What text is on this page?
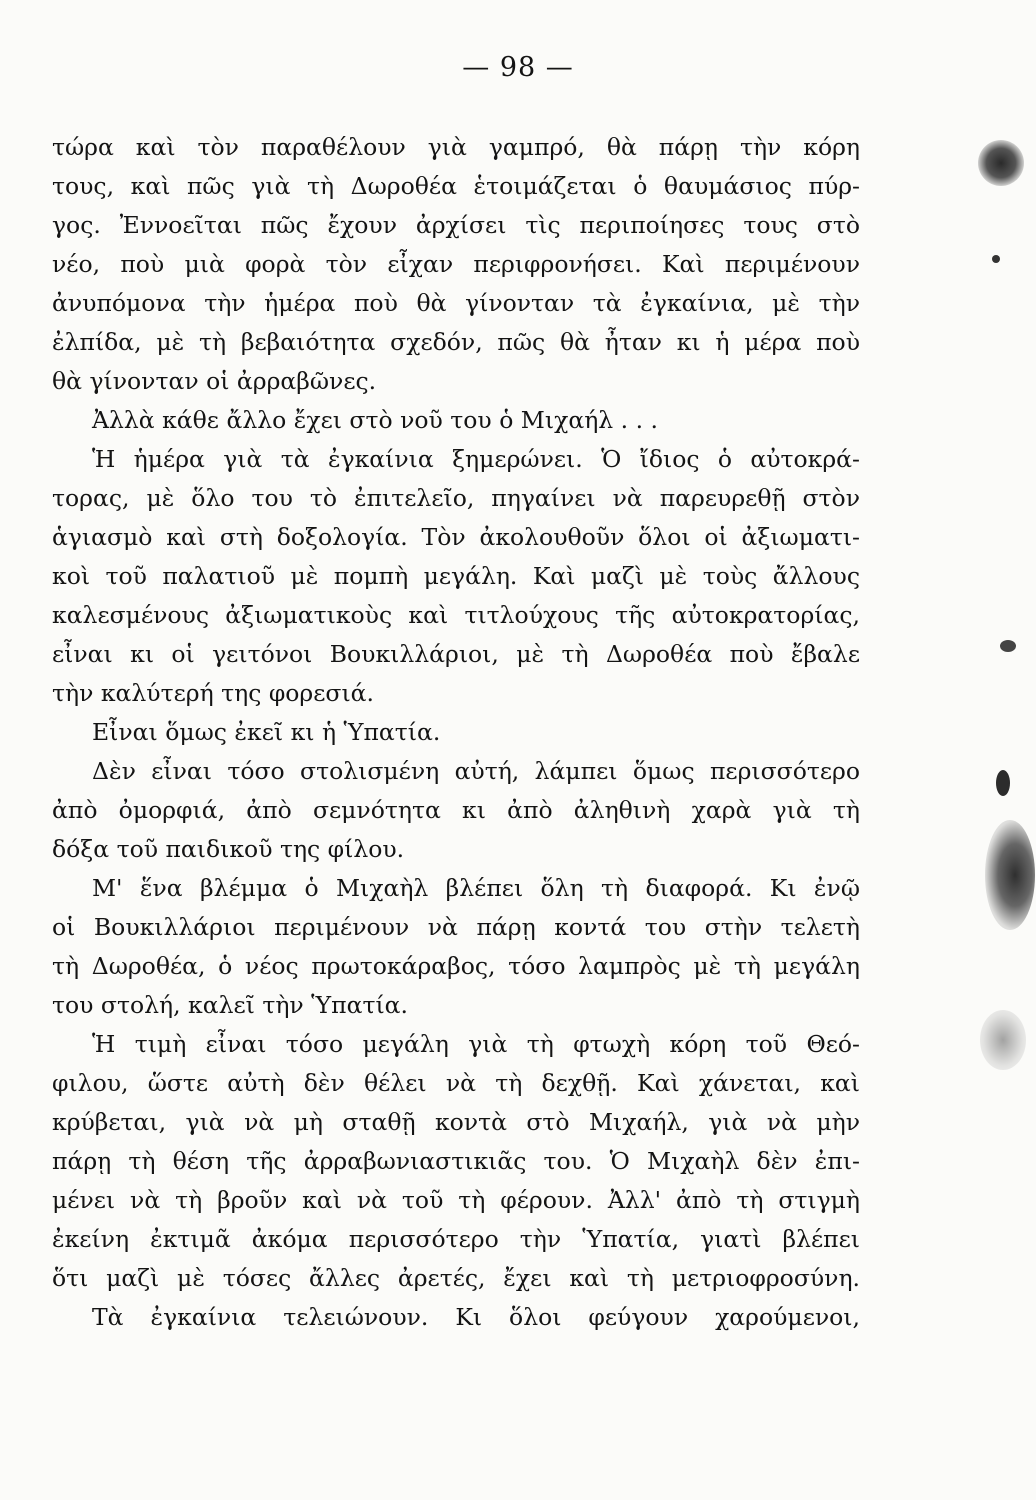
— 98 —
τώρα καὶ τὸν παραθέλουν γιὰ γαμπρό, θὰ πάρῃ τὴν κόρη
τους, καὶ πῶς γιὰ τὴ Δωροθέα ἑτοιμάζεται ὁ θαυμάσιος πύρ-
γος. Ἐννοεῖται πῶς ἔχουν ἀρχίσει τὶς περιποίησες τους στὸ
νέο, ποὺ μιὰ φορὰ τὸν εἶχαν περιφρονήσει. Καὶ περιμένουν
ἀνυπόμονα τὴν ἡμέρα ποὺ θὰ γίνονταν τὰ ἐγκαίνια, μὲ τὴν
ἐλπίδα, μὲ τὴ βεβαιότητα σχεδόν, πῶς θὰ ἦταν κι ἡ μέρα ποὺ
θὰ γίνονταν οἱ ἀρραβῶνες.
Ἀλλὰ κάθε ἄλλο ἔχει στὸ νοῦ του ὁ Μιχαήλ . . .
Ἡ ἡμέρα γιὰ τὰ ἐγκαίνια ξημερώνει. Ὁ ἴδιος ὁ αὐτοκρά-
τορας, μὲ ὅλο του τὸ ἐπιτελεῖο, πηγαίνει νὰ παρευρεθῇ στὸν
ἁγιασμὸ καὶ στὴ δοξολογία. Τὸν ἀκολουθοῦν ὅλοι οἱ ἀξιωματι-
κοὶ τοῦ παλατιοῦ μὲ πομπὴ μεγάλη. Καὶ μαζὶ μὲ τοὺς ἄλλους
καλεσμένους ἀξιωματικοὺς καὶ τιτλούχους τῆς αὐτοκρατορίας,
εἶναι κι οἱ γειτόνοι Βουκιλλάριοι, μὲ τὴ Δωροθέα ποὺ ἔβαλε
τὴν καλύτερή της φορεσιά.
Εἶναι ὅμως ἐκεῖ κι ἡ Ὑπατία.
Δὲν εἶναι τόσο στολισμένη αὐτή, λάμπει ὅμως περισσότερο
ἀπὸ ὀμορφιά, ἀπὸ σεμνότητα κι ἀπὸ ἀληθινὴ χαρὰ γιὰ τὴ
δόξα τοῦ παιδικοῦ της φίλου.
Μ' ἕνα βλέμμα ὁ Μιχαὴλ βλέπει ὅλη τὴ διαφορά. Κι ἐνῷ
οἱ Βουκιλλάριοι περιμένουν νὰ πάρῃ κοντά του στὴν τελετὴ
τὴ Δωροθέα, ὁ νέος πρωτοκάραβος, τόσο λαμπρὸς μὲ τὴ μεγάλη
του στολή, καλεῖ τὴν Ὑπατία.
Ἡ τιμὴ εἶναι τόσο μεγάλη γιὰ τὴ φτωχὴ κόρη τοῦ Θεό-
φιλου, ὥστε αὐτὴ δὲν θέλει νὰ τὴ δεχθῇ. Καὶ χάνεται, καὶ
κρύβεται, γιὰ νὰ μὴ σταθῇ κοντὰ στὸ Μιχαήλ, γιὰ νὰ μὴν
πάρῃ τὴ θέση τῆς ἀρραβωνιαστικιᾶς του. Ὁ Μιχαὴλ δὲν ἐπι-
μένει νὰ τὴ βροῦν καὶ νὰ τοῦ τὴ φέρουν. Ἀλλ' ἀπὸ τὴ στιγμὴ
ἐκείνη ἐκτιμᾶ ἀκόμα περισσότερο τὴν Ὑπατία, γιατὶ βλέπει
ὅτι μαζὶ μὲ τόσες ἄλλες ἀρετές, ἔχει καὶ τὴ μετριοφροσύνη.
Τὰ ἐγκαίνια τελειώνουν. Κι ὅλοι φεύγουν χαρούμενοι,
